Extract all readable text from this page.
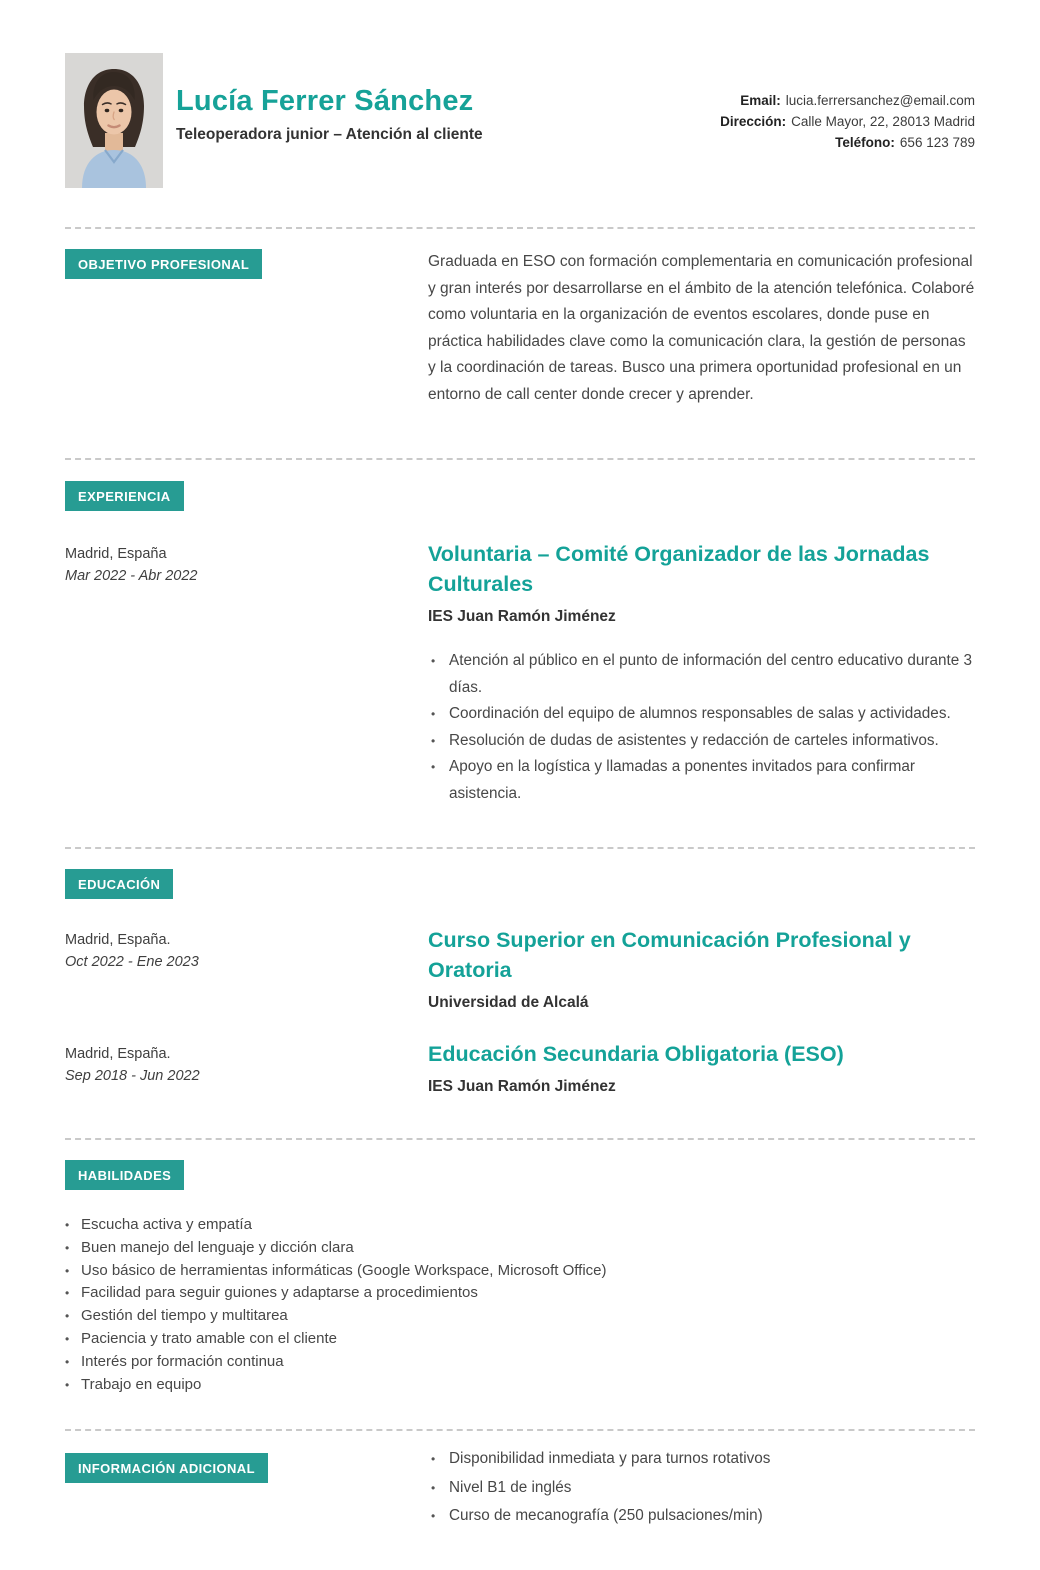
Lucía Ferrer Sánchez
Teleoperadora junior – Atención al cliente
Email: lucia.ferrersanchez@email.com
Dirección: Calle Mayor, 22, 28013 Madrid
Teléfono: 656 123 789
OBJETIVO PROFESIONAL	Graduada en ESO con formación complementaria en comunicación profesional y gran interés por desarrollarse en el ámbito de la atención telefónica. Colaboré como voluntaria en la organización de eventos escolares, donde puse en práctica habilidades clave como la comunicación clara, la gestión de personas y la coordinación de tareas. Busco una primera oportunidad profesional en un entorno de call center donde crecer y aprender.
EXPERIENCIA
Madrid, España
Mar 2022 - Abr 2022
Voluntaria – Comité Organizador de las Jornadas Culturales
IES Juan Ramón Jiménez
• Atención al público en el punto de información del centro educativo durante 3 días.
• Coordinación del equipo de alumnos responsables de salas y actividades.
• Resolución de dudas de asistentes y redacción de carteles informativos.
• Apoyo en la logística y llamadas a ponentes invitados para confirmar asistencia.
EDUCACIÓN
Madrid, España.
Oct 2022 - Ene 2023
Curso Superior en Comunicación Profesional y Oratoria
Universidad de Alcalá
Madrid, España.
Sep 2018 - Jun 2022
Educación Secundaria Obligatoria (ESO)
IES Juan Ramón Jiménez
HABILIDADES
• Escucha activa y empatía
• Buen manejo del lenguaje y dicción clara
• Uso básico de herramientas informáticas (Google Workspace, Microsoft Office)
• Facilidad para seguir guiones y adaptarse a procedimientos
• Gestión del tiempo y multitarea
• Paciencia y trato amable con el cliente
• Interés por formación continua
• Trabajo en equipo
INFORMACIÓN ADICIONAL
• Disponibilidad inmediata y para turnos rotativos
• Nivel B1 de inglés
• Curso de mecanografía (250 pulsaciones/min)
